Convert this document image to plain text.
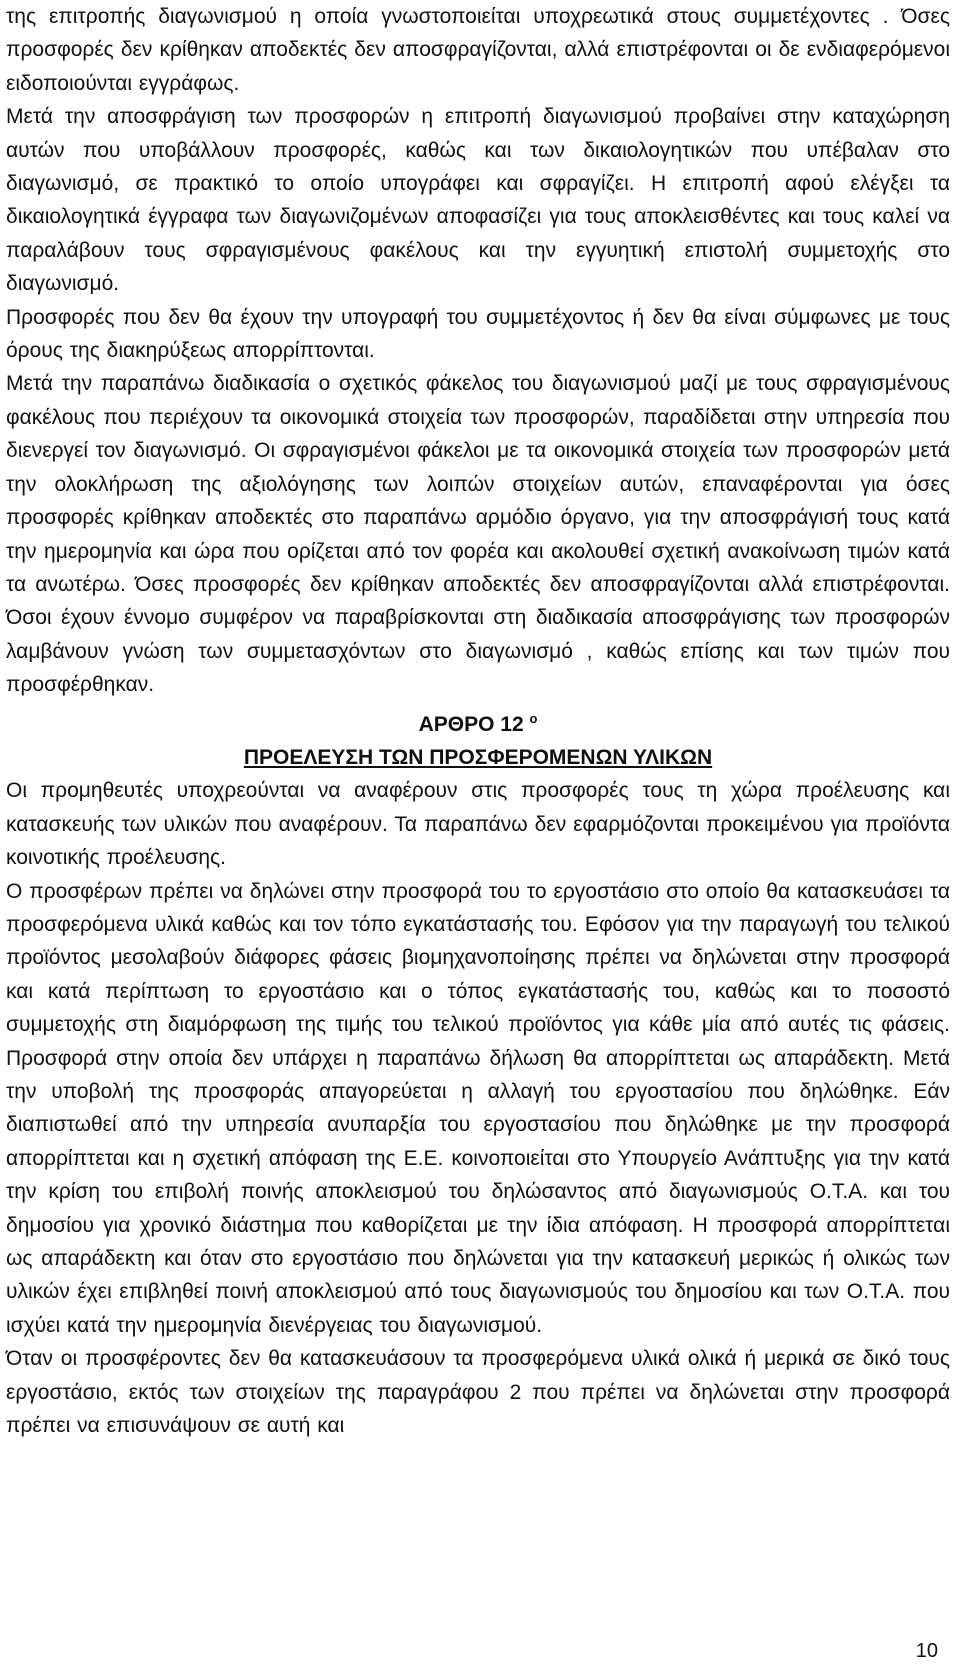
της επιτροπής διαγωνισμού η οποία γνωστοποιείται υποχρεωτικά στους συμμετέχοντες . Όσες προσφορές δεν κρίθηκαν αποδεκτές δεν αποσφραγίζονται, αλλά επιστρέφονται οι δε ενδιαφερόμενοι ειδοποιούνται εγγράφως.

Μετά την αποσφράγιση των προσφορών η επιτροπή διαγωνισμού προβαίνει στην καταχώρηση αυτών που υποβάλλουν προσφορές, καθώς και των δικαιολογητικών που υπέβαλαν στο διαγωνισμό, σε πρακτικό το οποίο υπογράφει και σφραγίζει. Η επιτροπή αφού ελέγξει τα δικαιολογητικά έγγραφα των διαγωνιζομένων αποφασίζει για τους αποκλεισθέντες και τους καλεί να παραλάβουν τους σφραγισμένους φακέλους και την εγγυητική επιστολή συμμετοχής στο διαγωνισμό.

Προσφορές που δεν θα έχουν την υπογραφή του συμμετέχοντος ή δεν θα είναι σύμφωνες με τους όρους της διακηρύξεως απορρίπτονται.

Μετά την παραπάνω διαδικασία ο σχετικός φάκελος του διαγωνισμού μαζί με τους σφραγισμένους φακέλους που περιέχουν τα οικονομικά στοιχεία των προσφορών, παραδίδεται στην υπηρεσία που διενεργεί τον διαγωνισμό. Οι σφραγισμένοι φάκελοι με τα οικονομικά στοιχεία των προσφορών μετά την ολοκλήρωση της αξιολόγησης των λοιπών στοιχείων αυτών, επαναφέρονται για όσες προσφορές κρίθηκαν αποδεκτές στο παραπάνω αρμόδιο όργανο, για την αποσφράγισή τους κατά την ημερομηνία και ώρα που ορίζεται από τον φορέα και ακολουθεί σχετική ανακοίνωση τιμών κατά τα ανωτέρω. Όσες προσφορές δεν κρίθηκαν αποδεκτές δεν αποσφραγίζονται αλλά επιστρέφονται. Όσοι έχουν έννομο συμφέρον να παραβρίσκονται στη διαδικασία αποσφράγισης των προσφορών λαμβάνουν γνώση των συμμετασχόντων στο διαγωνισμό , καθώς επίσης και των τιμών που προσφέρθηκαν.

ΑΡΘΡΟ 12 $^o$
ΠΡΟΕΛΕΥΣΗ ΤΩΝ ΠΡΟΣΦΕΡΟΜΕΝΩΝ ΥΛΙΚΩΝ

Οι προμηθευτές υποχρεούνται να αναφέρουν στις προσφορές τους τη χώρα προέλευσης και κατασκευής των υλικών που αναφέρουν. Τα παραπάνω δεν εφαρμόζονται προκειμένου για προϊόντα κοινοτικής προέλευσης.

Ο προσφέρων πρέπει να δηλώνει στην προσφορά του το εργοστάσιο στο οποίο θα κατασκευάσει τα προσφερόμενα υλικά καθώς και τον τόπο εγκατάστασής του. Εφόσον για την παραγωγή του τελικού προϊόντος μεσολαβούν διάφορες φάσεις βιομηχανοποίησης πρέπει να δηλώνεται στην προσφορά και κατά περίπτωση το εργοστάσιο και ο τόπος εγκατάστασής του, καθώς και το ποσοστό συμμετοχής στη διαμόρφωση της τιμής του τελικού προϊόντος για κάθε μία από αυτές τις φάσεις. Προσφορά στην οποία δεν υπάρχει η παραπάνω δήλωση θα απορρίπτεται ως απαράδεκτη. Μετά την υποβολή της προσφοράς απαγορεύεται η αλλαγή του εργοστασίου που δηλώθηκε. Εάν διαπιστωθεί από την υπηρεσία ανυπαρξία του εργοστασίου που δηλώθηκε με την προσφορά απορρίπτεται και η σχετική απόφαση της Ε.Ε. κοινοποιείται στο Υπουργείο Ανάπτυξης για την κατά την κρίση του επιβολή ποινής αποκλεισμού του δηλώσαντος από διαγωνισμούς Ο.Τ.Α. και του δημοσίου για χρονικό διάστημα που καθορίζεται με την ίδια απόφαση. Η προσφορά απορρίπτεται ως απαράδεκτη και όταν στο εργοστάσιο που δηλώνεται για την κατασκευή μερικώς ή ολικώς των υλικών έχει επιβληθεί ποινή αποκλεισμού από τους διαγωνισμούς του δημοσίου και των Ο.Τ.Α. που ισχύει κατά την ημερομηνία διενέργειας του διαγωνισμού.

Όταν οι προσφέροντες δεν θα κατασκευάσουν τα προσφερόμενα υλικά ολικά ή μερικά σε δικό τους εργοστάσιο, εκτός των στοιχείων της παραγράφου 2 που πρέπει να δηλώνεται στην προσφορά πρέπει να επισυνάψουν σε αυτή και

10
